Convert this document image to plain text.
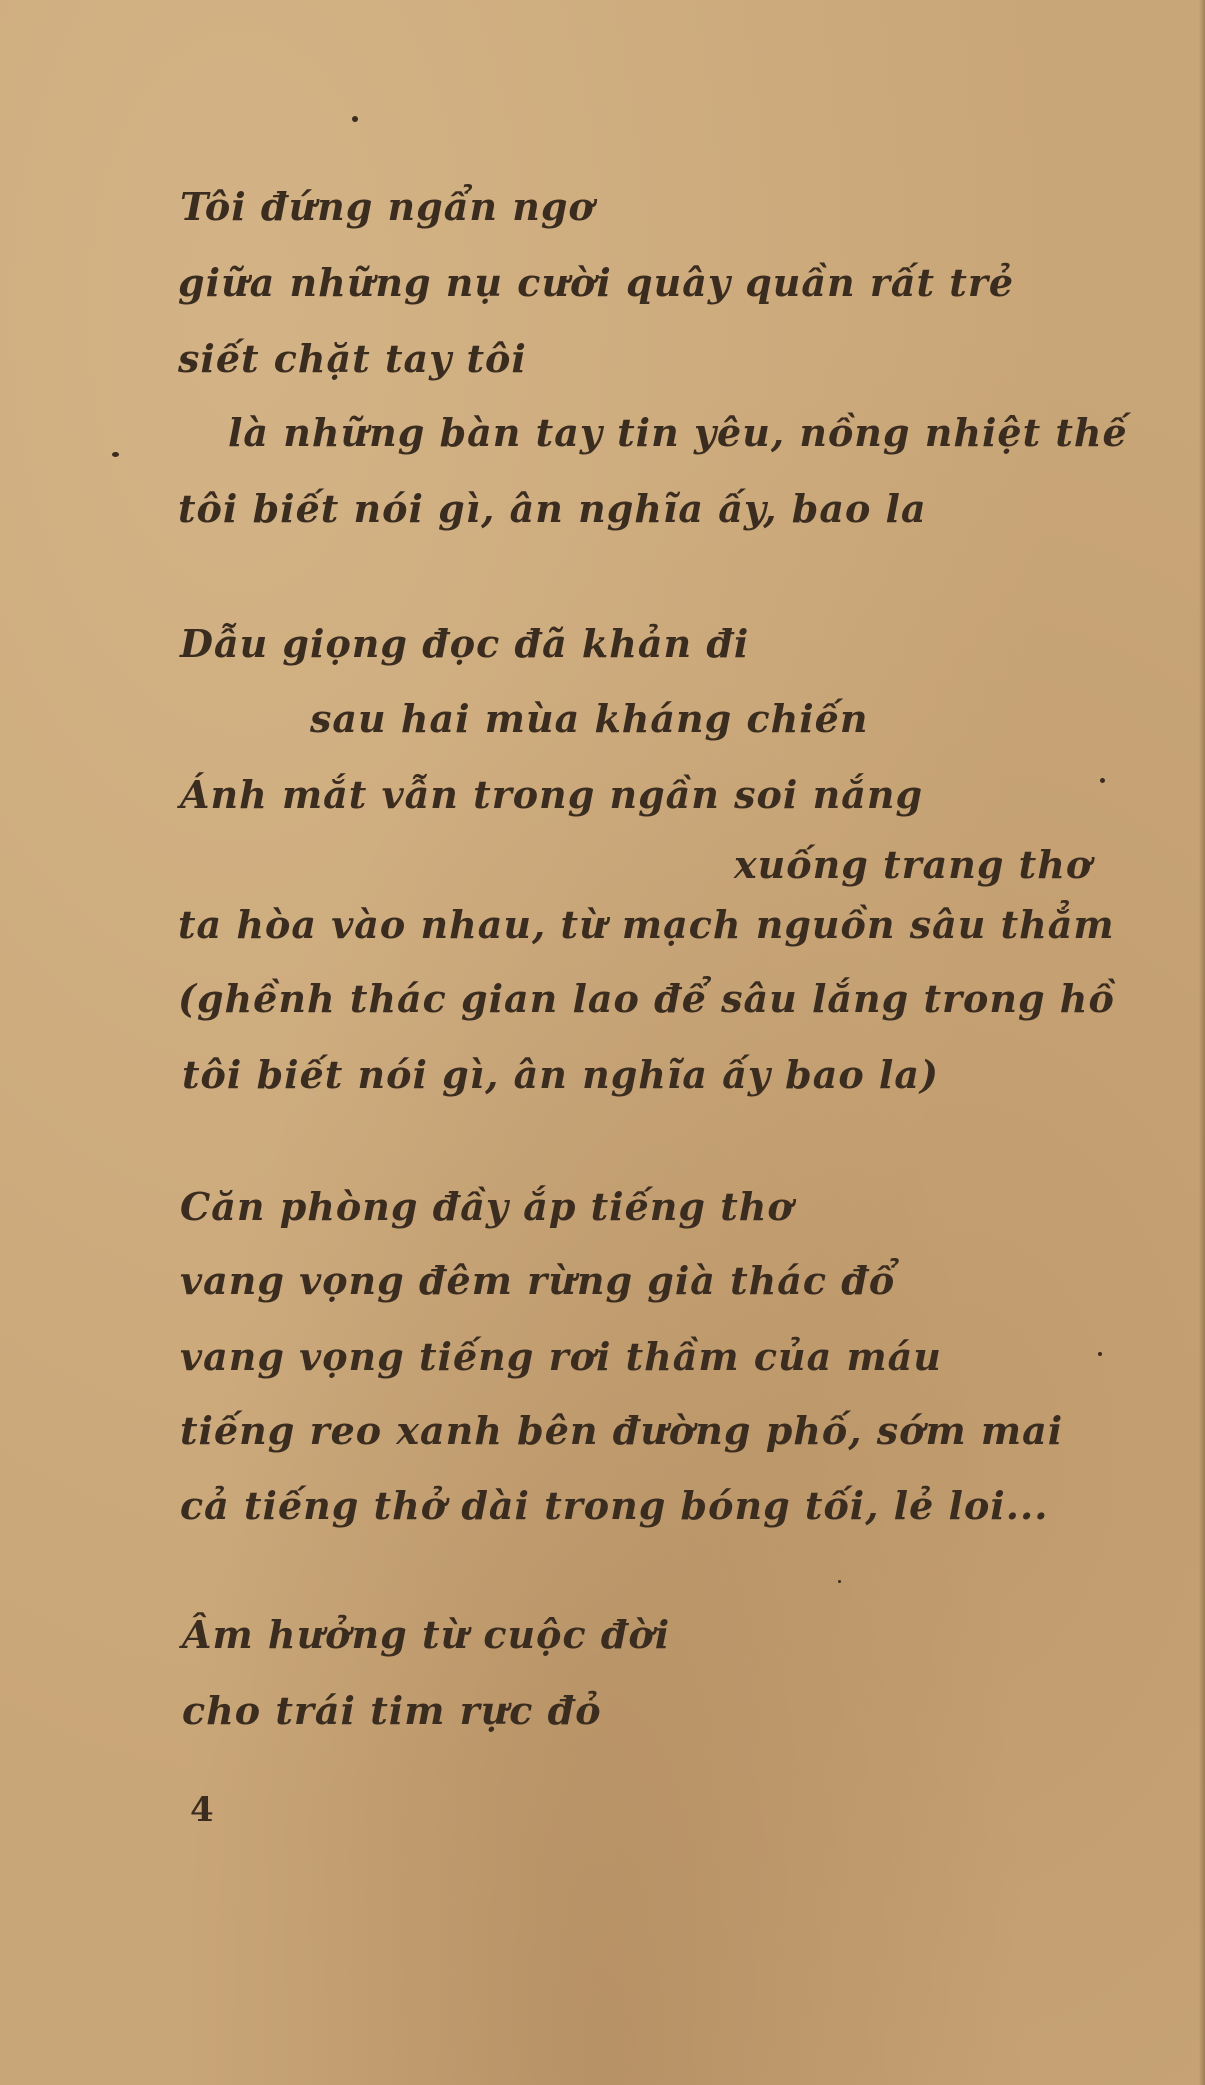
Tôi đứng ngẩn ngơ
giữa những nụ cười quây quần rất trẻ
siết chặt tay tôi
là những bàn tay tin yêu, nồng nhiệt thế
tôi biết nói gì, ân nghĩa ấy, bao la
Dẫu giọng đọc đã khản đi
sau hai mùa kháng chiến
Ánh mắt vẫn trong ngần soi nắng
xuống trang thơ
ta hòa vào nhau, từ mạch nguồn sâu thẳm
(ghềnh thác gian lao để sâu lắng trong hồ
tôi biết nói gì, ân nghĩa ấy bao la)
Căn phòng đầy ắp tiếng thơ
vang vọng đêm rừng già thác đổ
vang vọng tiếng rơi thầm của máu
tiếng reo xanh bên đường phố, sớm mai
cả tiếng thở dài trong bóng tối, lẻ loi...
Âm hưởng từ cuộc đời
cho trái tim rực đỏ
4
